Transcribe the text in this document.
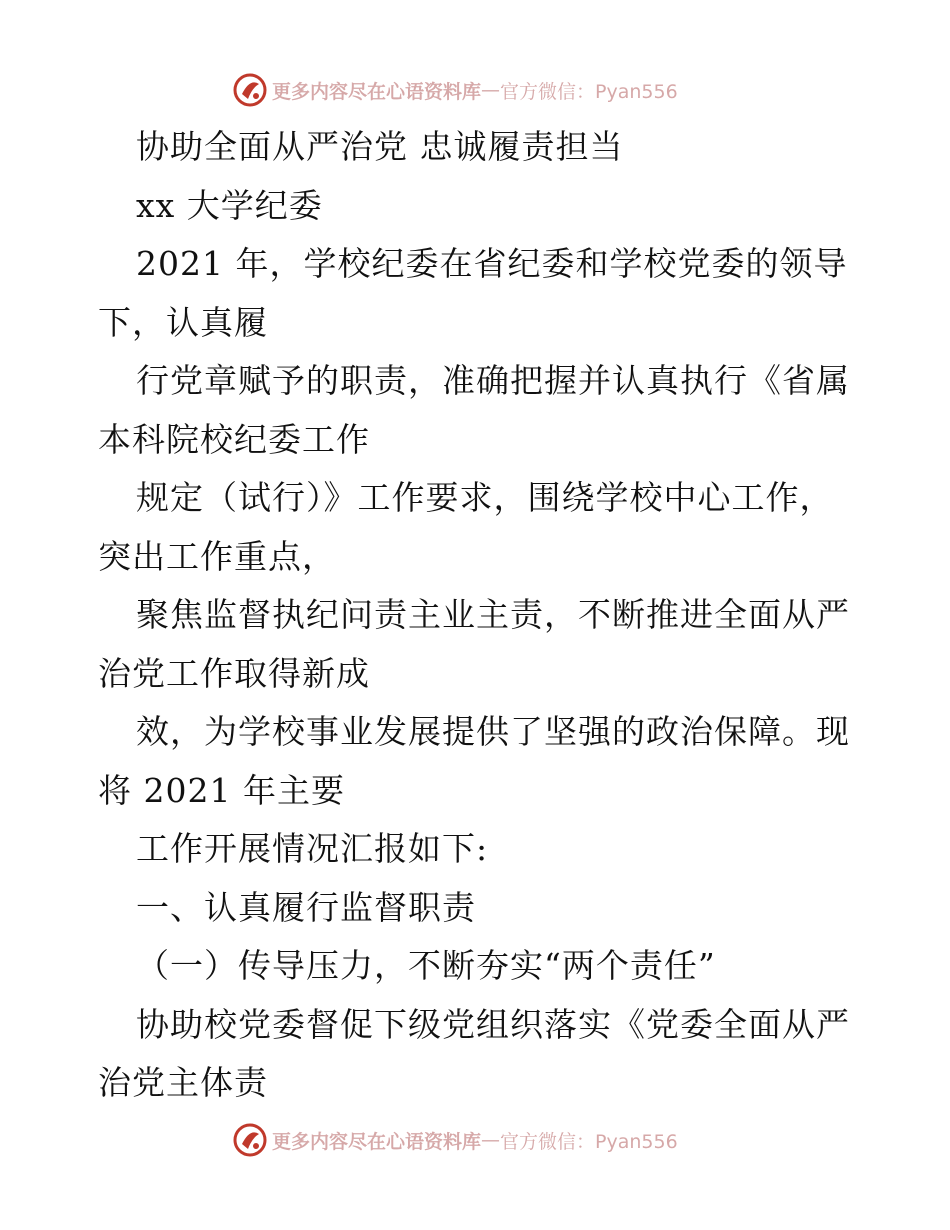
更多内容尽在心语资料库 — 官方微信：Pyan556
协助全面从严治党 忠诚履责担当
xx 大学纪委
2021 年，学校纪委在省纪委和学校党委的领导
下，认真履
行党章赋予的职责，准确把握并认真执行《省属
本科院校纪委工作
规定（试行）》工作要求，围绕学校中心工作，
突出工作重点，
聚焦监督执纪问责主业主责，不断推进全面从严
治党工作取得新成
效，为学校事业发展提供了坚强的政治保障。现
将 2021 年主要
工作开展情况汇报如下:
一、认真履行监督职责
（一）传导压力，不断夯实“两个责任”
协助校党委督促下级党组织落实《党委全面从严
治党主体责
更多内容尽在心语资料库 — 官方微信：Pyan556
